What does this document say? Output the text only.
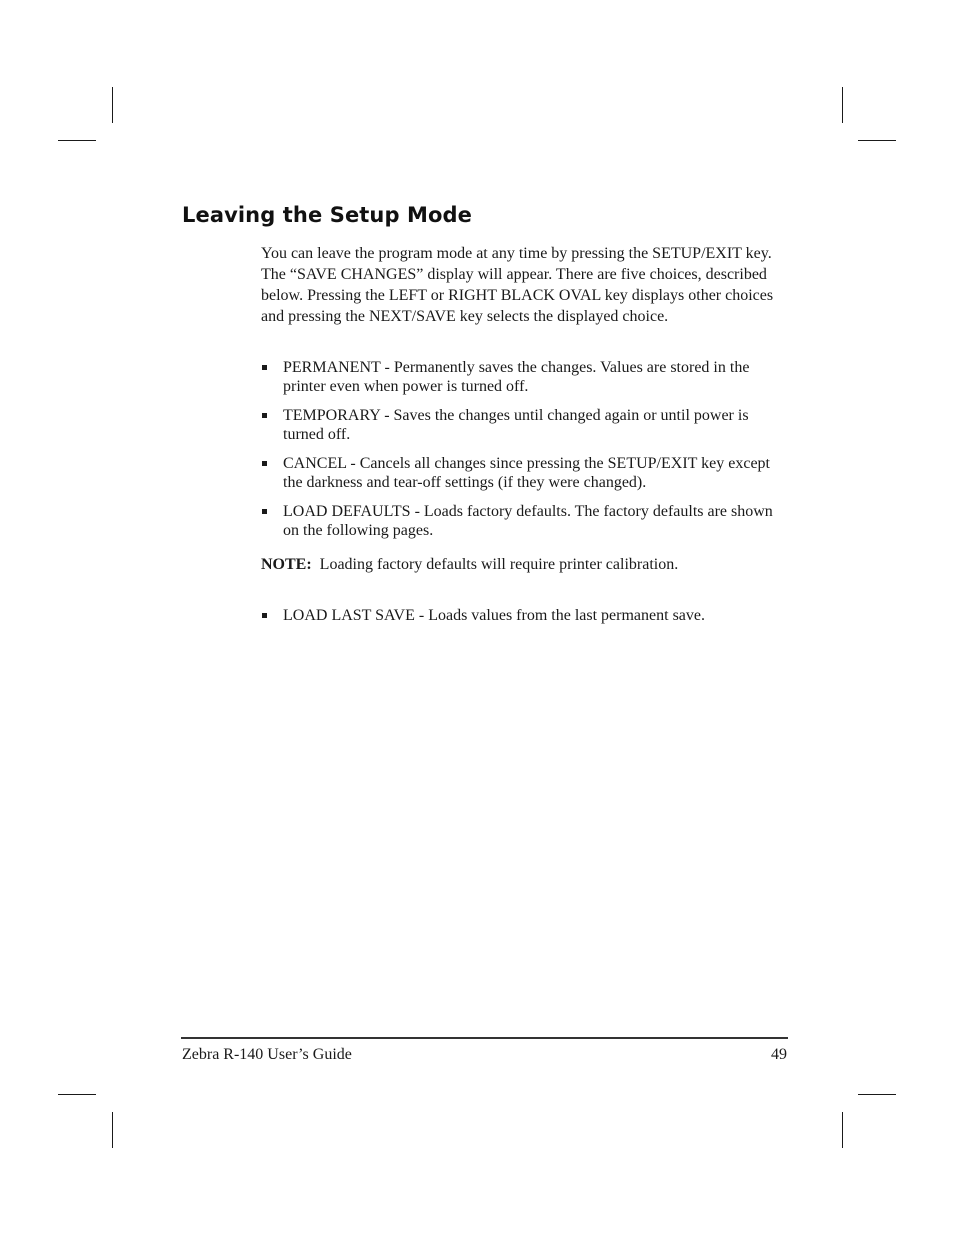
Leaving the Setup Mode

You can leave the program mode at any time by pressing the SETUP/EXIT key. The “SAVE CHANGES” display will appear. There are five choices, described below. Pressing the LEFT or RIGHT BLACK OVAL key displays other choices and pressing the NEXT/SAVE key selects the displayed choice.

PERMANENT - Permanently saves the changes. Values are stored in the printer even when power is turned off.
TEMPORARY - Saves the changes until changed again or until power is turned off.
CANCEL - Cancels all changes since pressing the SETUP/EXIT key except the darkness and tear-off settings (if they were changed).
LOAD DEFAULTS - Loads factory defaults. The factory defaults are shown on the following pages.

NOTE: Loading factory defaults will require printer calibration.

LOAD LAST SAVE - Loads values from the last permanent save.

Zebra R-140 User’s Guide	49
